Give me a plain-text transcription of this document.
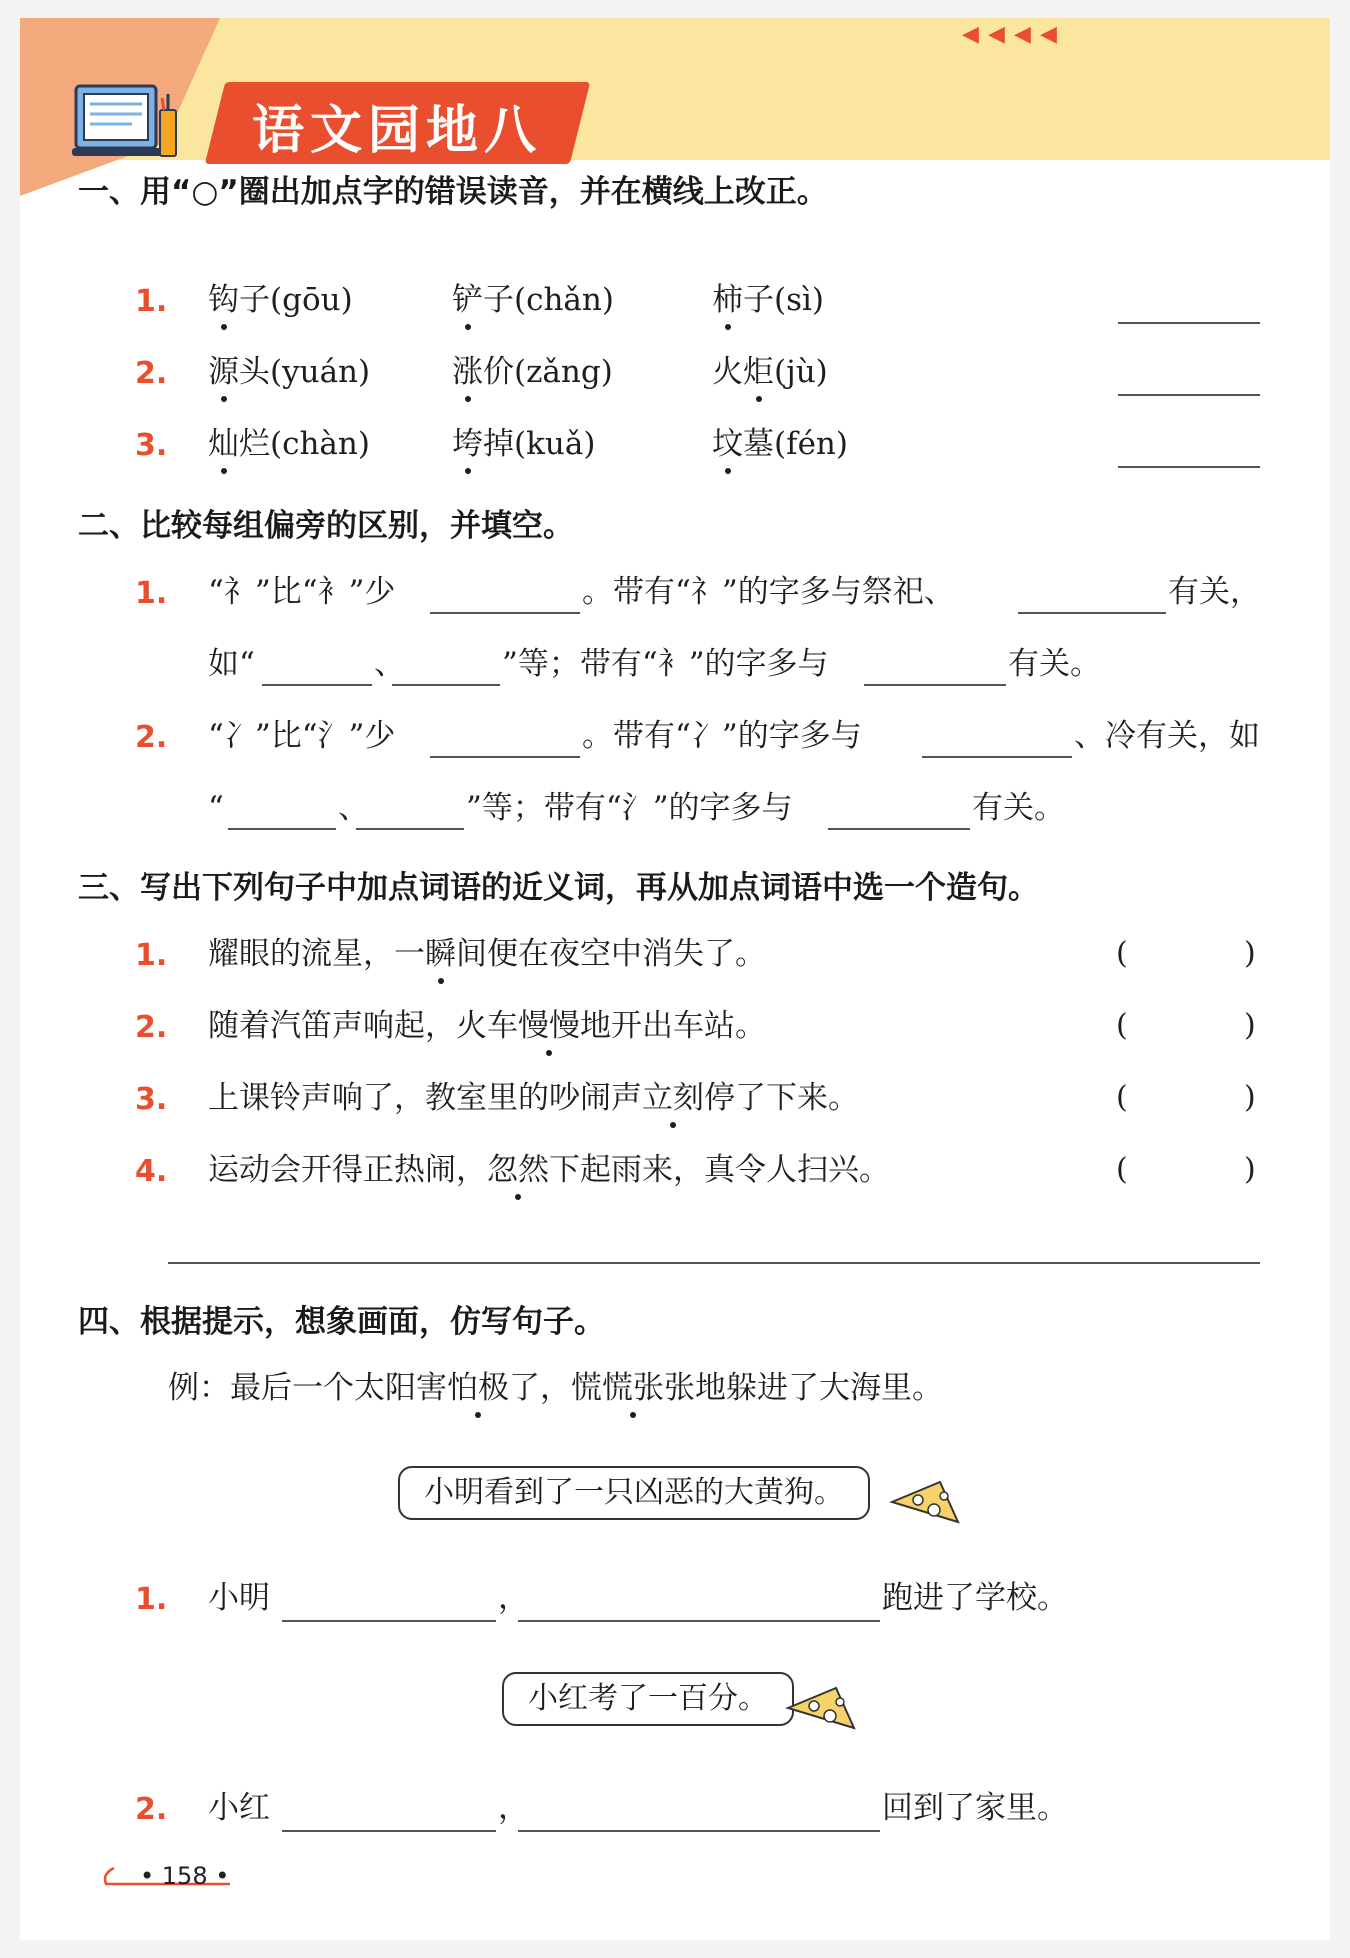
◀ ◀ ◀ ◀
语文园地八
一、用“○”圈出加点字的错误读音，并在横线上改正。
1. 钩子(gōu)	铲子(chǎn)	柿子(sì)
2. 源头(yuán)	涨价(zǎng)	火炬(jù)
3. 灿烂(chàn)	垮掉(kuǎ)	坟墓(fén)
二、比较每组偏旁的区别，并填空。
1. “礻”比“衤”少	。带有“礻”的字多与祭祀、	有关，
如“	、	”等；带有“衤”的字多与	有关。
2. “冫”比“氵”少	。带有“冫”的字多与	、冷有关，如
“	、	”等；带有“氵”的字多与	有关。
三、写出下列句子中加点词语的近义词，再从加点词语中选一个造句。
1. 耀眼的流星，一瞬间便在夜空中消失了。	(	)
2. 随着汽笛声响起，火车慢慢地开出车站。	(	)
3. 上课铃声响了，教室里的吵闹声立刻停了下来。	(	)
4. 运动会开得正热闹，忽然下起雨来，真令人扫兴。	(	)
四、根据提示，想象画面，仿写句子。
例：最后一个太阳害怕极了，慌慌张张地躲进了大海里。
小明看到了一只凶恶的大黄狗。
1. 小明	，	跑进了学校。
小红考了一百分。
2. 小红	，	回到了家里。
• 158 •
